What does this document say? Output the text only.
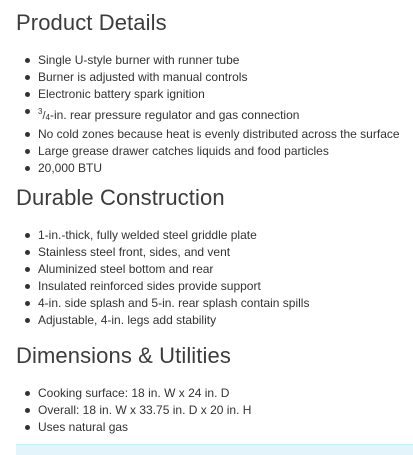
Product Details
Single U-style burner with runner tube
Burner is adjusted with manual controls
Electronic battery spark ignition
$^3$/4-in. rear pressure regulator and gas connection
No cold zones because heat is evenly distributed across the surface
Large grease drawer catches liquids and food particles
20,000 BTU
Durable Construction
1-in.-thick, fully welded steel griddle plate
Stainless steel front, sides, and vent
Aluminized steel bottom and rear
Insulated reinforced sides provide support
4-in. side splash and 5-in. rear splash contain spills
Adjustable, 4-in. legs add stability
Dimensions & Utilities
Cooking surface: 18 in. W x 24 in. D
Overall: 18 in. W x 33.75 in. D x 20 in. H
Uses natural gas
